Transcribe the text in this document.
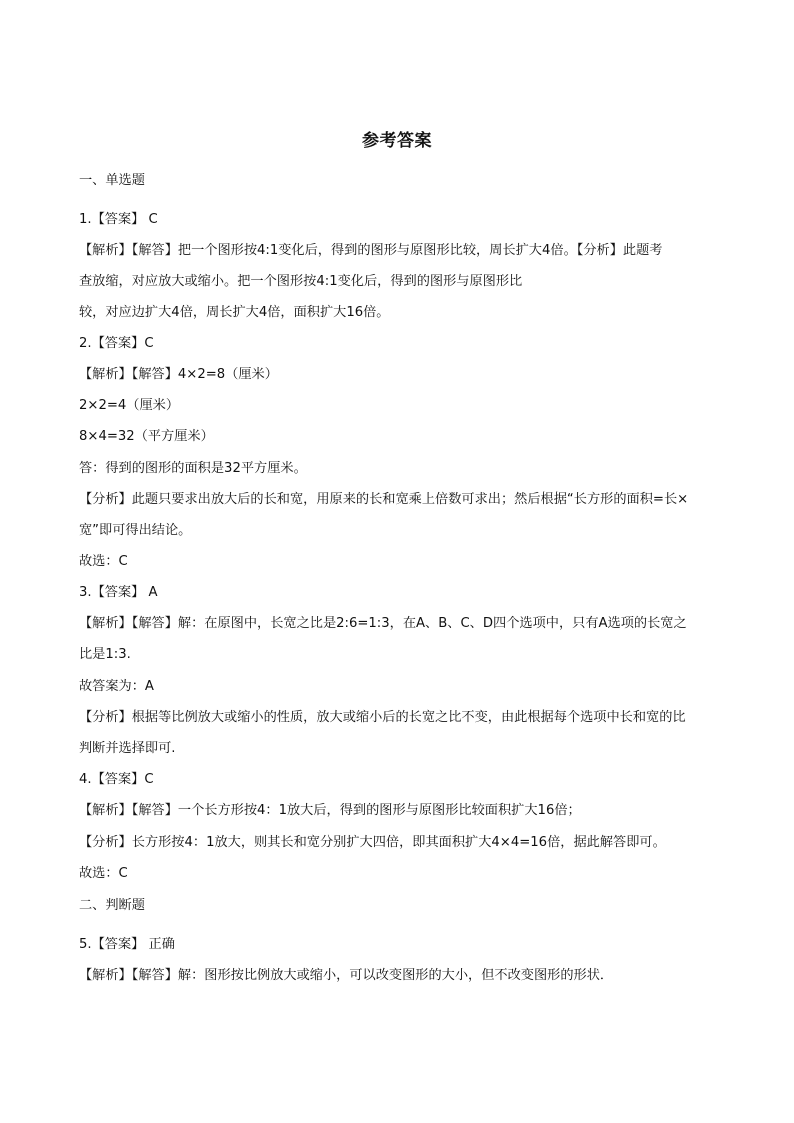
参考答案
一、单选题
1.【答案】 C
【解析】【解答】把一个图形按4:1变化后，得到的图形与原图形比较，周长扩大4倍。【分析】此题考
查放缩，对应放大或缩小。把一个图形按4:1变化后，得到的图形与原图形比
较，对应边扩大4倍，周长扩大4倍，面积扩大16倍。
2.【答案】C
【解析】【解答】4×2=8（厘米）
2×2=4（厘米）
8×4=32（平方厘米）
答：得到的图形的面积是32平方厘米。
【分析】此题只要求出放大后的长和宽，用原来的长和宽乘上倍数可求出；然后根据“长方形的面积=长×
宽”即可得出结论。
故选：C
3.【答案】 A
【解析】【解答】解：在原图中，长宽之比是2:6=1:3，在A、B、C、D四个选项中，只有A选项的长宽之
比是1:3.
故答案为：A
【分析】根据等比例放大或缩小的性质，放大或缩小后的长宽之比不变，由此根据每个选项中长和宽的比
判断并选择即可.
4.【答案】C
【解析】【解答】一个长方形按4：1放大后，得到的图形与原图形比较面积扩大16倍；
【分析】长方形按4：1放大，则其长和宽分别扩大四倍，即其面积扩大4×4=16倍，据此解答即可。
故选：C
二、判断题
5.【答案】 正确
【解析】【解答】解：图形按比例放大或缩小，可以改变图形的大小，但不改变图形的形状．
